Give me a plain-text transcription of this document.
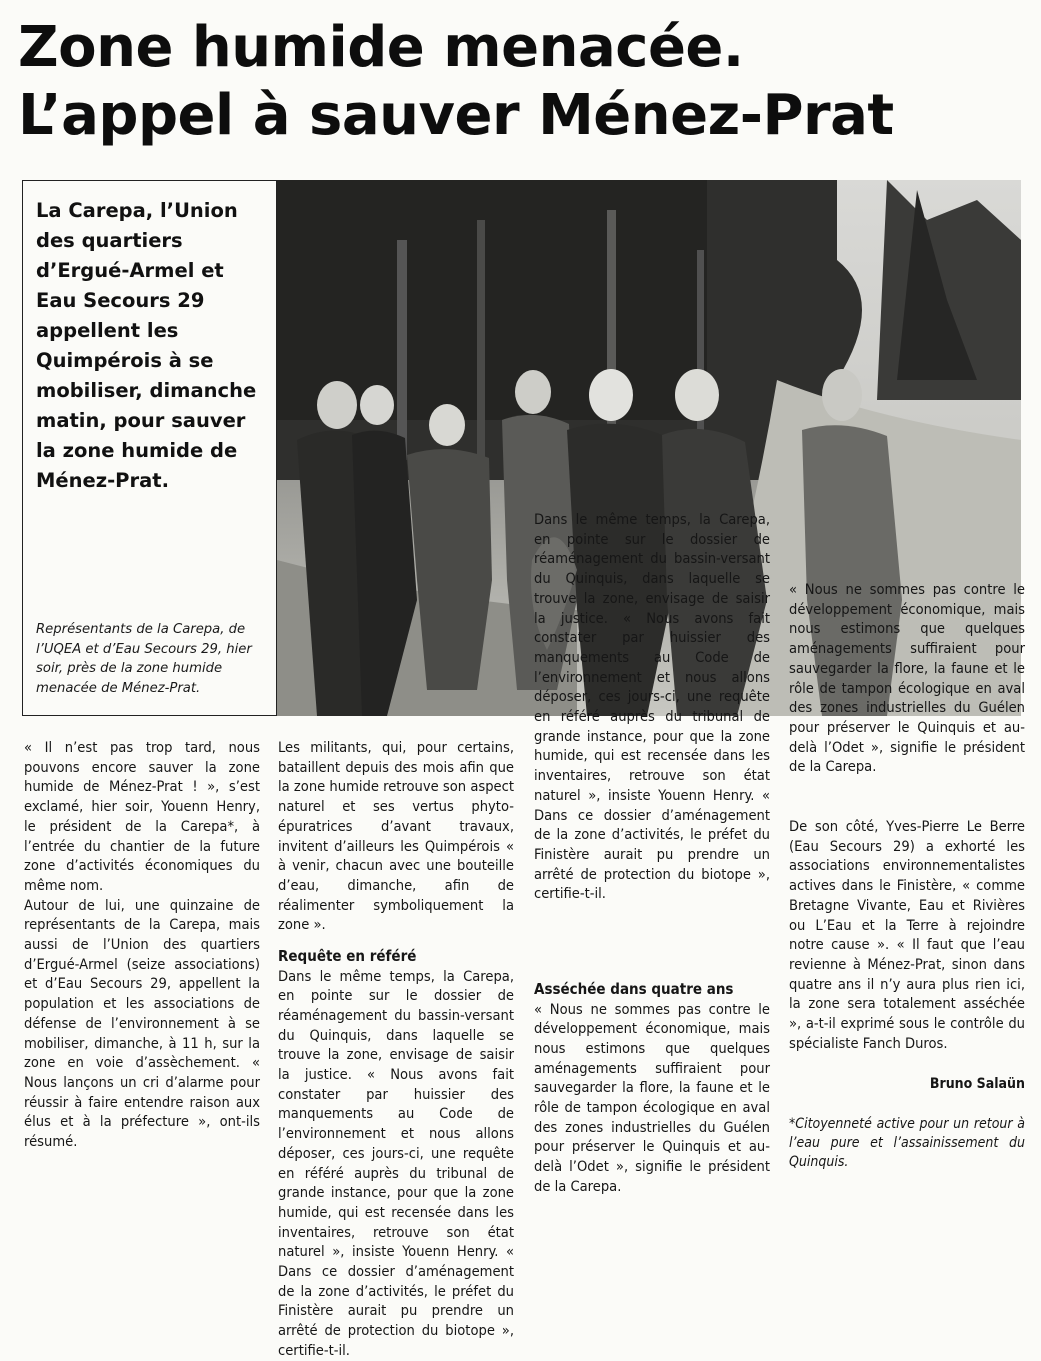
Zone humide menacée.
L’appel à sauver Ménez-Prat
La Carepa, l’Union des quartiers d’Ergué-Armel et Eau Secours 29 appellent les Quimpérois à se mobiliser, dimanche matin, pour sauver la zone humide de Ménez-Prat.
Représentants de la Carepa, de l’UQEA et d’Eau Secours 29, hier soir, près de la zone humide menacée de Ménez-Prat.

« Il n’est pas trop tard, nous pouvons encore sauver la zone humide de Ménez-Prat ! », s’est exclamé, hier soir, Youenn Henry, le président de la Carepa*, à l’entrée du chantier de la future zone d’activités économiques du même nom.

Autour de lui, une quinzaine de représentants de la Carepa, mais aussi de l’Union des quartiers d’Ergué-Armel (seize associations) et d’Eau Secours 29, appellent la population et les associations de défense de l’environnement à se mobiliser, dimanche, à 11 h, sur la zone en voie d’assèchement. « Nous lançons un cri d’alarme pour réussir à faire entendre raison aux élus et à la préfecture », ont-ils résumé.

Les militants, qui, pour certains, bataillent depuis des mois afin que la zone humide retrouve son aspect naturel et ses vertus phyto-épuratrices d’avant travaux, invitent d’ailleurs les Quimpérois « à venir, chacun avec une bouteille d’eau, dimanche, afin de réalimenter symboliquement la zone ».

Requête en référé

Dans le même temps, la Carepa, en pointe sur le dossier de réaménagement du bassin-versant du Quinquis, dans laquelle se trouve la zone, envisage de saisir la justice. « Nous avons fait constater par huissier des manquements au Code de l’environnement et nous allons déposer, ces jours-ci, une requête en référé auprès du tribunal de grande instance, pour que la zone humide, qui est recensée dans les inventaires, retrouve son état naturel », insiste Youenn Henry. « Dans ce dossier d’aménagement de la zone d’activités, le préfet du Finistère aurait pu prendre un arrêté de protection du biotope », certifie-t-il.

Dans le même temps, la Carepa, en pointe sur le dossier de réaménagement du bassin-versant du Quinquis, dans laquelle se trouve la zone, envisage de saisir la justice. « Nous avons fait constater par huissier des manquements au Code de l’environnement et nous allons déposer, ces jours-ci, une requête en référé auprès du tribunal de grande instance, pour que la zone humide, qui est recensée dans les inventaires, retrouve son état naturel », insiste Youenn Henry. « Dans ce dossier d’aménagement de la zone d’activités, le préfet du Finistère aurait pu prendre un arrêté de protection du biotope », certifie-t-il.

Asséchée dans quatre ans

« Nous ne sommes pas contre le développement économique, mais nous estimons que quelques aménagements suffiraient pour sauvegarder la flore, la faune et le rôle de tampon écologique en aval des zones industrielles du Guélen pour préserver le Quinquis et au-delà l’Odet », signifie le président de la Carepa.

« Nous ne sommes pas contre le développement économique, mais nous estimons que quelques aménagements suffiraient pour sauvegarder la flore, la faune et le rôle de tampon écologique en aval des zones industrielles du Guélen pour préserver le Quinquis et au-delà l’Odet », signifie le président de la Carepa.

De son côté, Yves-Pierre Le Berre (Eau Secours 29) a exhorté les associations environnementalistes actives dans le Finistère, « comme Bretagne Vivante, Eau et Rivières ou L’Eau et la Terre à rejoindre notre cause ». « Il faut que l’eau revienne à Ménez-Prat, sinon dans quatre ans il n’y aura plus rien ici, la zone sera totalement asséchée », a-t-il exprimé sous le contrôle du spécialiste Fanch Duros.

Bruno Salaün

*Citoyenneté active pour un retour à l’eau pure et l’assainissement du Quinquis.
